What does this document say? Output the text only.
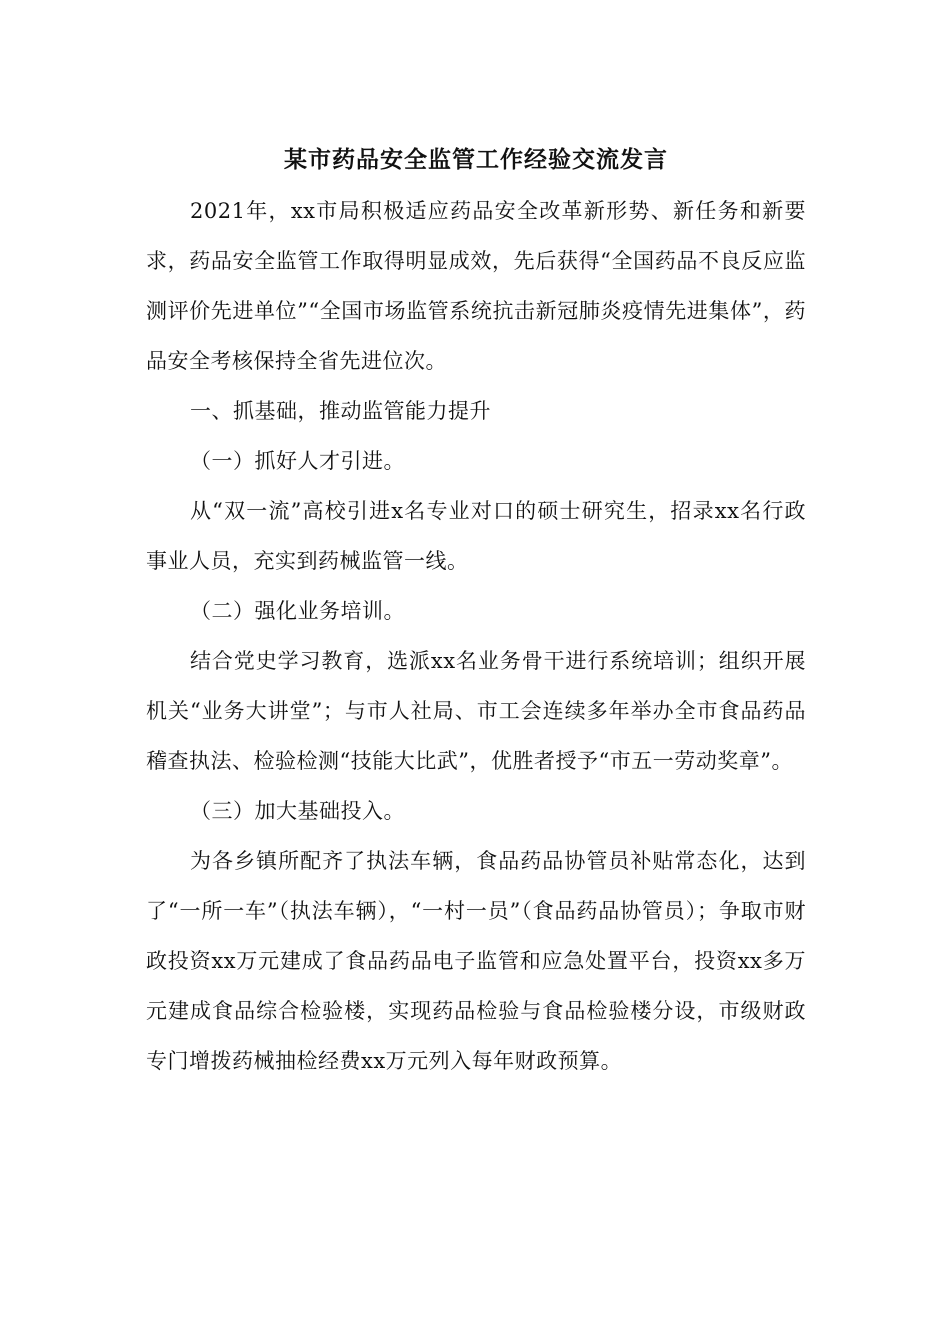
某市药品安全监管工作经验交流发言

2021年，xx市局积极适应药品安全改革新形势、新任务和新要求，药品安全监管工作取得明显成效，先后获得“全国药品不良反应监测评价先进单位”“全国市场监管系统抗击新冠肺炎疫情先进集体”，药品安全考核保持全省先进位次。

一、抓基础，推动监管能力提升

（一）抓好人才引进。

从“双一流”高校引进x名专业对口的硕士研究生，招录xx名行政事业人员，充实到药械监管一线。

（二）强化业务培训。

结合党史学习教育，选派xx名业务骨干进行系统培训；组织开展机关“业务大讲堂”；与市人社局、市工会连续多年举办全市食品药品稽查执法、检验检测“技能大比武”，优胜者授予“市五一劳动奖章”。

（三）加大基础投入。

为各乡镇所配齐了执法车辆，食品药品协管员补贴常态化，达到了“一所一车”（执法车辆），“一村一员”（食品药品协管员）；争取市财政投资xx万元建成了食品药品电子监管和应急处置平台，投资xx多万元建成食品综合检验楼，实现药品检验与食品检验楼分设，市级财政专门增拨药械抽检经费xx万元列入每年财政预算。
